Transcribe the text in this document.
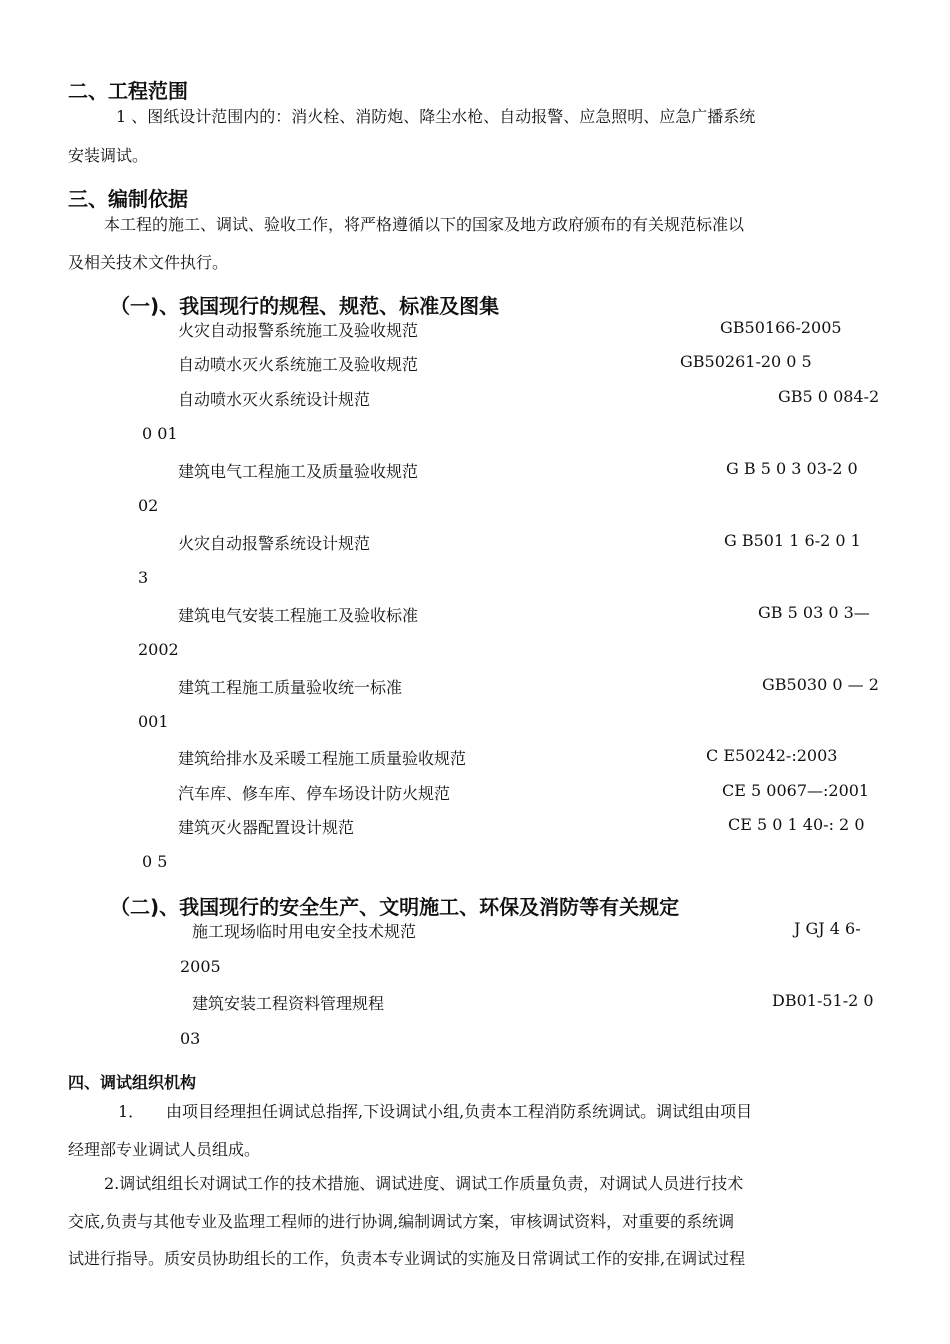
二、工程范围
1 、图纸设计范围内的：消火栓、消防炮、降尘水枪、自动报警、应急照明、应急广播系统
安装调试。
三、编制依据
本工程的施工、调试、验收工作，将严格遵循以下的国家及地方政府颁布的有关规范标准以
及相关技术文件执行。
（一)、我国现行的规程、规范、标准及图集
火灾自动报警系统施工及验收规范	GB50166-2005
自动喷水灭火系统施工及验收规范	GB50261-20 0 5
自动喷水灭火系统设计规范	GB5 0 084-2
0 01
建筑电气工程施工及质量验收规范	G B 5 0 3 03-2 0
02
火灾自动报警系统设计规范	G B501 1 6-2 0 1
3
建筑电气安装工程施工及验收标准	GB 5 03 0 3—
2002
建筑工程施工质量验收统一标准	GB5030 0 — 2
001
建筑给排水及采暖工程施工质量验收规范	C E50242-:2003
汽车库、修车库、停车场设计防火规范	CE 5 0067—:2001
建筑灭火器配置设计规范	CE 5 0 1 40-: 2 0
0 5
（二)、我国现行的安全生产、文明施工、环保及消防等有关规定
施工现场临时用电安全技术规范	J GJ 4 6-
2005
建筑安装工程资料管理规程	DB01-51-2 0
03
四、调试组织机构
1． 由项目经理担任调试总指挥,下设调试小组,负责本工程消防系统调试。调试组由项目
经理部专业调试人员组成。
2.调试组组长对调试工作的技术措施、调试进度、调试工作质量负责，对调试人员进行技术
交底,负责与其他专业及监理工程师的进行协调,编制调试方案，审核调试资料，对重要的系统调
试进行指导。质安员协助组长的工作，负责本专业调试的实施及日常调试工作的安排,在调试过程
